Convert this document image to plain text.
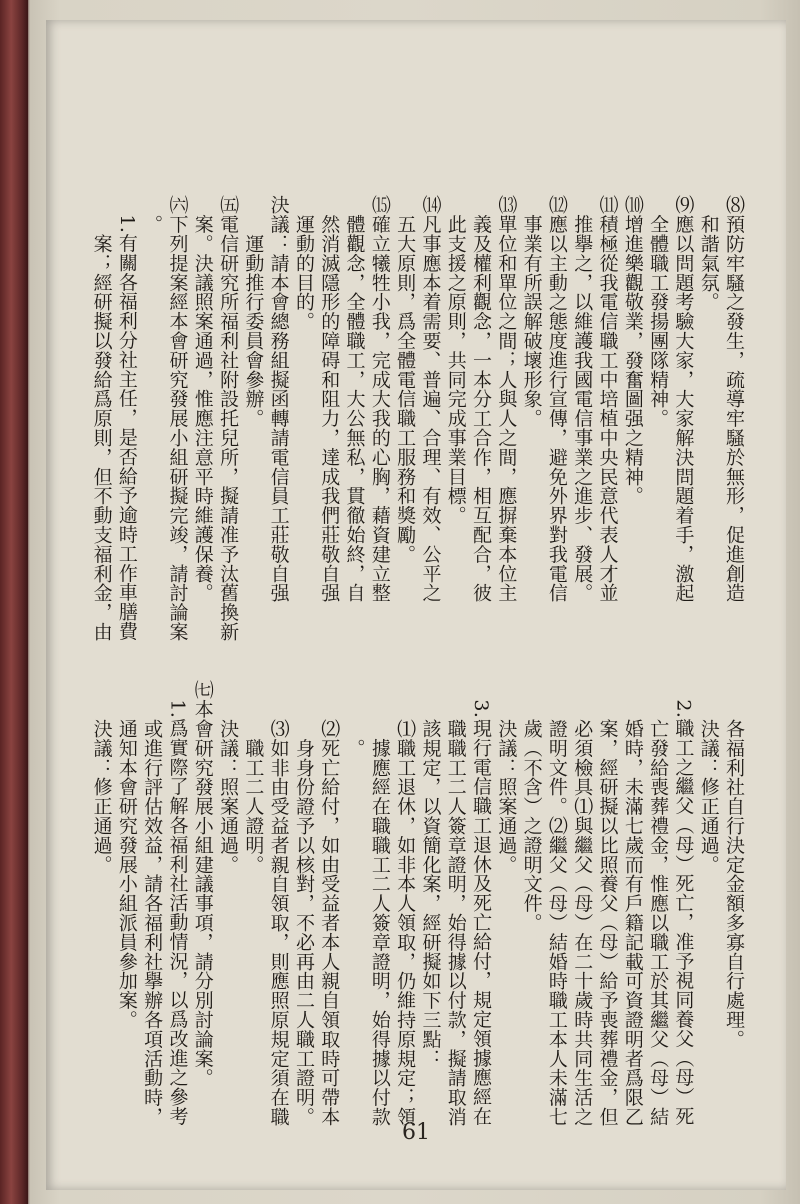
⑻預防牢騷之發生，疏導牢騷於無形，促進創造
　和諧氣氛。
⑼應以問題考驗大家，大家解決問題着手，激起
　全體職工發揚團隊精神。
⑽增進樂觀敬業，發奮圖强之精神。
⑾積極從我電信職工中培植中央民意代表人才並
　推擧之，以維護我國電信事業之進步、發展。
⑿應以主動之態度進行宣傳，避免外界對我電信
　事業有所誤解破壞形象。
⒀單位和單位之間；人與人之間，應摒棄本位主
　義及權利觀念，一本分工合作，相互配合，彼
　此支援之原則，共同完成事業目標。
⒁凡事應本着需要、普遍、合理、有效、公平之
　五大原則，爲全體電信職工服務和獎勵。
⒂確立犧牲小我，完成大我的心胸，藉資建立整
　體觀念，全體職工，大公無私，貫徹始終，自
　然消滅隱形的障碍和阻力，達成我們莊敬自强
　運動的目的。
決議：請本會總務組擬函轉請電信員工莊敬自强
　　運動推行委員會參辦。
㈤電信研究所福利社附設托兒所，擬請准予汰舊換新
　案。決議照案通過，惟應注意平時維護保養。
㈥下列提案經本會研究發展小組研擬完竣，請討論案
　。
　1.有關各福利分社主任，是否給予逾時工作車膳費
　　案；經研擬以發給爲原則，但不動支福利金，由
　　各福利社自行決定金額多寡自行處理。
　　決議：修正通過。
　2.職工之繼父（母）死亡，准予視同養父（母）死
　　亡發給喪葬禮金，惟應以職工於其繼父（母）結
　　婚時，未滿七歲而有戶籍記載可資證明者爲限乙
　　案，經研擬以比照養父（母）給予喪葬禮金，但
　　必須檢具⑴與繼父（母）在二十歲時共同生活之
　　證明文件。⑵繼父（母）結婚時職工本人未滿七
　　歲（不含）之證明文件。
　　決議：照案通過。
　3.現行電信職工退休及死亡給付，規定領據應經在
　　職職工二人簽章證明，始得據以付款，擬請取消
　　該規定，以資簡化案，經研擬如下三點：
　　⑴職工退休，如非本人領取，仍維持原規定；領
　　　據應經在職職工二人簽章證明，始得據以付款
　　　。
　　⑵死亡給付，如由受益者本人親自領取時可帶本
　　　身身份證予以核對，不必再由二人職工證明。
　　⑶如非由受益者親自領取，則應照原規定須在職
　　　職工二人證明。
　　決議：照案通過。
㈦本會研究發展小組建議事項，請分別討論案。
　1.爲實際了解各福利社活動情況，以爲改進之參考
　　或進行評估效益，請各福利社擧辦各項活動時，
　　通知本會研究發展小組派員參加案。
　　決議：修正通過。
61
